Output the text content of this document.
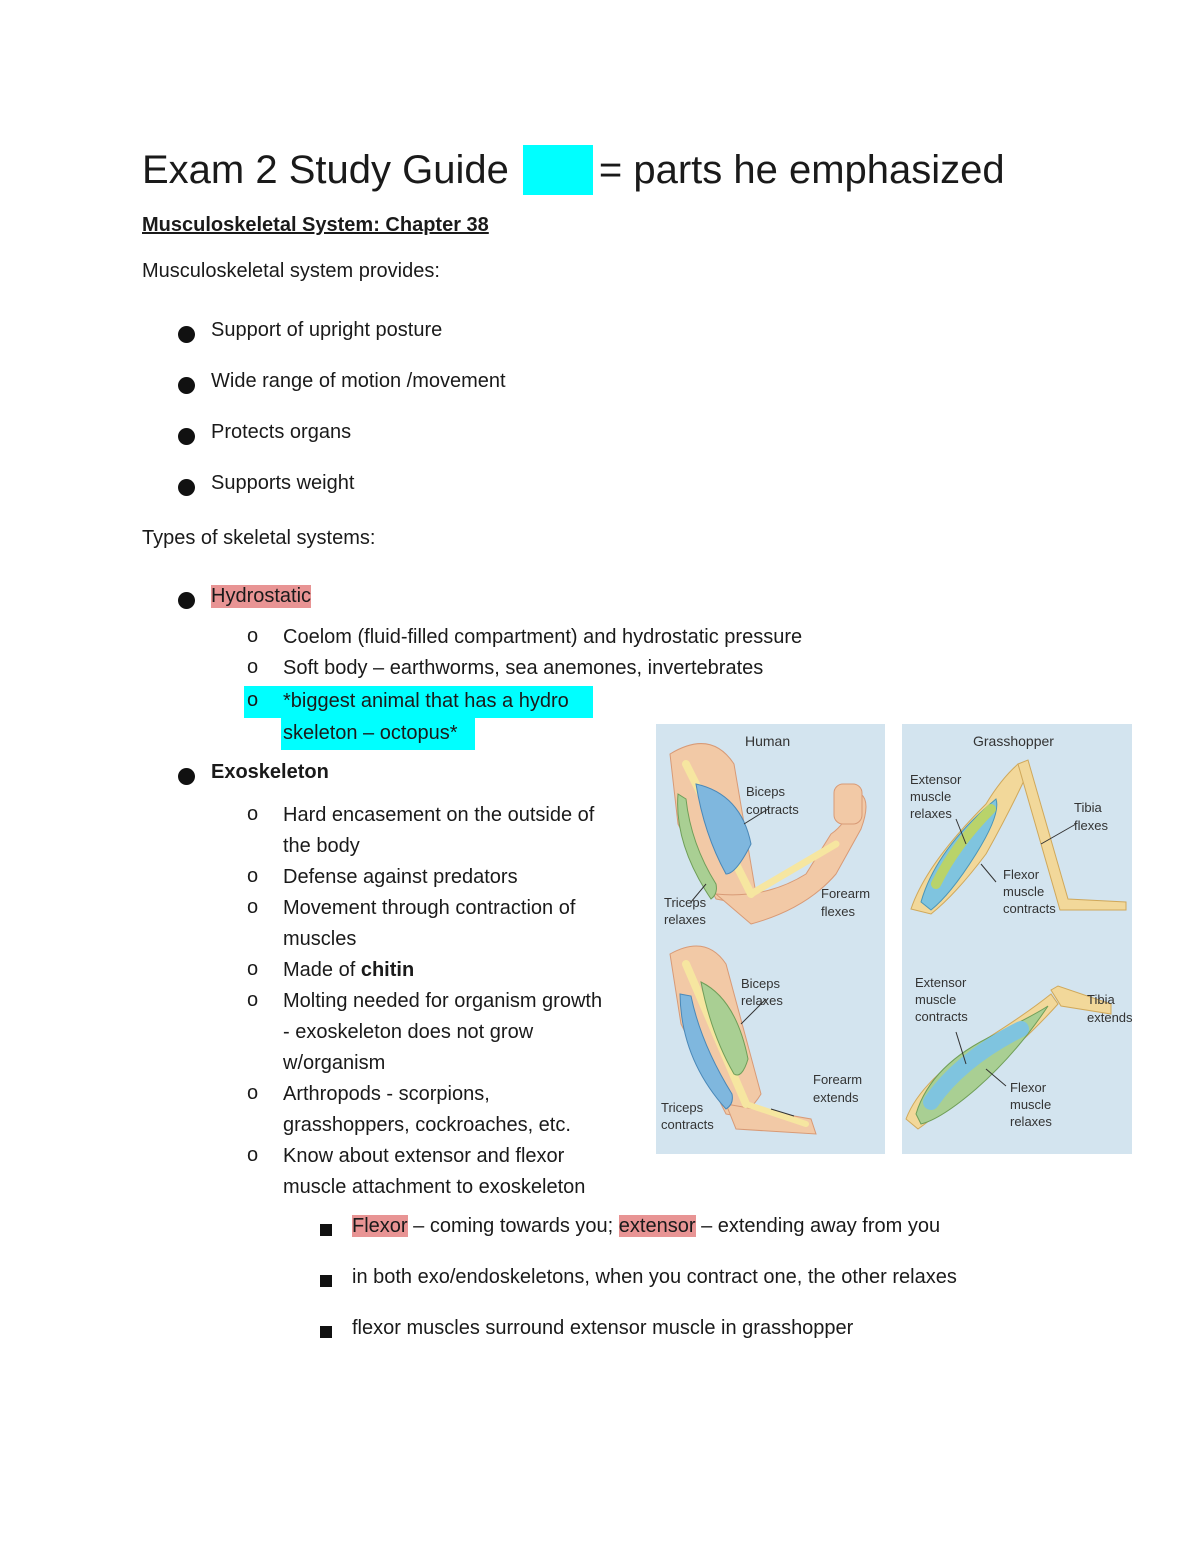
Exam 2 Study Guide = parts he emphasized
Musculoskeletal System: Chapter 38
Musculoskeletal system provides:
Support of upright posture
Wide range of motion /movement
Protects organs
Supports weight
Types of skeletal systems:
Hydrostatic
o Coelom (fluid-filled compartment) and hydrostatic pressure
o Soft body – earthworms, sea anemones, invertebrates
o *biggest animal that has a hydro
skeleton – octopus*
Exoskeleton
o Hard encasement on the outside of
the body
o Defense against predators
o Movement through contraction of
muscles
o Made of chitin
o Molting needed for organism growth
- exoskeleton does not grow
w/organism
o Arthropods - scorpions,
grasshoppers, cockroaches, etc.
o Know about extensor and flexor
muscle attachment to exoskeleton
Flexor – coming towards you; extensor – extending away from you
in both exo/endoskeletons, when you contract one, the other relaxes
flexor muscles surround extensor muscle in grasshopper
Human	Grasshopper
Biceps contracts
Triceps relaxes
Forearm flexes
Biceps relaxes
Triceps contracts
Forearm extends
Extensor muscle relaxes	Tibia flexes
Flexor muscle contracts
Extensor muscle contracts
Tibia extends
Flexor muscle relaxes
